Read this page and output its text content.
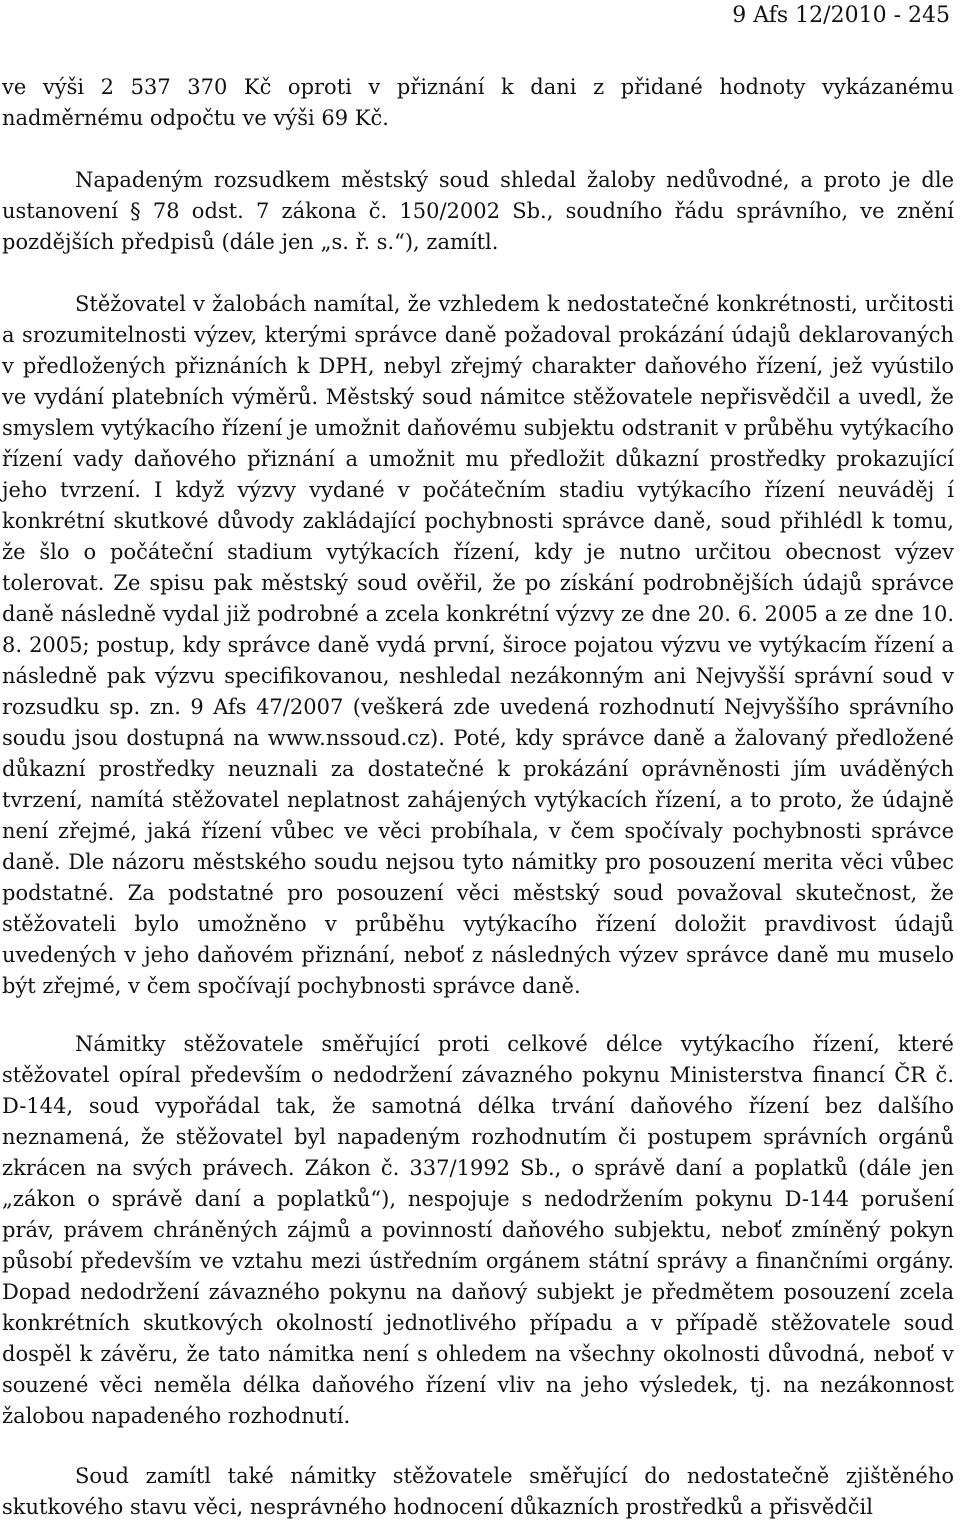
9 Afs 12/2010 - 245

ve výši 2 537 370 Kč oproti v přiznání k dani z přidané hodnoty vykázanému nadměrnému odpočtu ve výši 69 Kč.

Napadeným rozsudkem městský soud shledal žaloby nedůvodné, a proto je dle ustanovení § 78 odst. 7 zákona č. 150/2002 Sb., soudního řádu správního, ve znění pozdějších předpisů (dále jen „s. ř. s.“), zamítl.

Stěžovatel v žalobách namítal, že vzhledem k nedostatečné konkrétnosti, určitosti a srozumitelnosti výzev, kterými správce daně požadoval prokázání údajů deklarovaných v předložených přiznáních k DPH, nebyl zřejmý charakter daňového řízení, jež vyústilo ve vydání platebních výměrů. Městský soud námitce stěžovatele nepřisvědčil a uvedl, že smyslem vytýkacího řízení je umožnit daňovému subjektu odstranit v průběhu vytýkacího řízení vady daňového přiznání a umožnit mu předložit důkazní prostředky prokazující jeho tvrzení. I když výzvy vydané v počátečním stadiu vytýkacího řízení neuváděj í konkrétní skutkové důvody zakládající pochybnosti správce daně, soud přihlédl k tomu, že šlo o počáteční stadium vytýkacích řízení, kdy je nutno určitou obecnost výzev tolerovat. Ze spisu pak městský soud ověřil, že po získání podrobnějších údajů správce daně následně vydal již podrobné a zcela konkrétní výzvy ze dne 20. 6. 2005 a ze dne 10. 8. 2005; postup, kdy správce daně vydá první, široce pojatou výzvu ve vytýkacím řízení a následně pak výzvu specifikovanou, neshledal nezákonným ani Nejvyšší správní soud v rozsudku sp. zn. 9 Afs 47/2007 (veškerá zde uvedená rozhodnutí Nejvyššího správního soudu jsou dostupná na www.nssoud.cz). Poté, kdy správce daně a žalovaný předložené důkazní prostředky neuznali za dostatečné k prokázání oprávněnosti jím uváděných tvrzení, namítá stěžovatel neplatnost zahájených vytýkacích řízení, a to proto, že údajně není zřejmé, jaká řízení vůbec ve věci probíhala, v čem spočívaly pochybnosti správce daně. Dle názoru městského soudu nejsou tyto námitky pro posouzení merita věci vůbec podstatné. Za podstatné pro posouzení věci městský soud považoval skutečnost, že stěžovateli bylo umožněno v průběhu vytýkacího řízení doložit pravdivost údajů uvedených v jeho daňovém přiznání, neboť z následných výzev správce daně mu muselo být zřejmé, v čem spočívají pochybnosti správce daně.

Námitky stěžovatele směřující proti celkové délce vytýkacího řízení, které stěžovatel opíral především o nedodržení závazného pokynu Ministerstva financí ČR č. D-144, soud vypořádal tak, že samotná délka trvání daňového řízení bez dalšího neznamená, že stěžovatel byl napadeným rozhodnutím či postupem správních orgánů zkrácen na svých právech. Zákon č. 337/1992 Sb., o správě daní a poplatků (dále jen „zákon o správě daní a poplatků“), nespojuje s nedodržením pokynu D-144 porušení práv, právem chráněných zájmů a povinností daňového subjektu, neboť zmíněný pokyn působí především ve vztahu mezi ústředním orgánem státní správy a finančními orgány. Dopad nedodržení závazného pokynu na daňový subjekt je předmětem posouzení zcela konkrétních skutkových okolností jednotlivého případu a v případě stěžovatele soud dospěl k závěru, že tato námitka není s ohledem na všechny okolnosti důvodná, neboť v souzené věci neměla délka daňového řízení vliv na jeho výsledek, tj. na nezákonnost žalobou napadeného rozhodnutí.

Soud zamítl také námitky stěžovatele směřující do nedostatečně zjištěného skutkového stavu věci, nesprávného hodnocení důkazních prostředků a přisvědčil
